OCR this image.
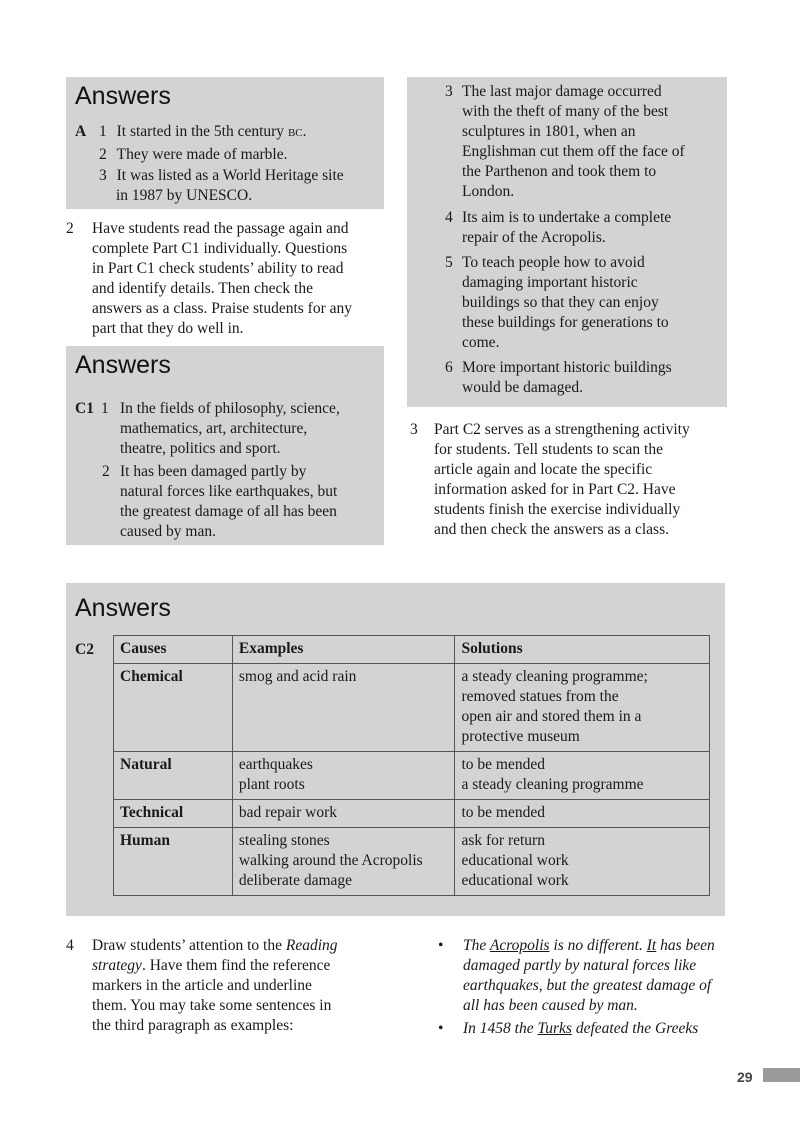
Answers
A 1 It started in the 5th century BC.
2 They were made of marble.
3 It was listed as a World Heritage site
in 1987 by UNESCO.
2 Have students read the passage again and
complete Part C1 individually. Questions
in Part C1 check students’ ability to read
and identify details. Then check the
answers as a class. Praise students for any
part that they do well in.
Answers
C1 1 In the fields of philosophy, science,
mathematics, art, architecture,
theatre, politics and sport.
2 It has been damaged partly by
natural forces like earthquakes, but
the greatest damage of all has been
caused by man.
3 The last major damage occurred
with the theft of many of the best
sculptures in 1801, when an
Englishman cut them off the face of
the Parthenon and took them to
London.
4 Its aim is to undertake a complete
repair of the Acropolis.
5 To teach people how to avoid
damaging important historic
buildings so that they can enjoy
these buildings for generations to
come.
6 More important historic buildings
would be damaged.
3 Part C2 serves as a strengthening activity
for students. Tell students to scan the
article again and locate the specific
information asked for in Part C2. Have
students finish the exercise individually
and then check the answers as a class.
Answers
C2 Causes	Examples	Solutions
Chemical	smog and acid rain	a steady cleaning programme;
removed statues from the
open air and stored them in a
protective museum

Natural	earthquakes
plant roots	to be mended
a steady cleaning programme

Technical	bad repair work	to be mended

Human	stealing stones
walking around the Acropolis
deliberate damage	ask for return
educational work
educational work
4 Draw students’ attention to the Reading
strategy. Have them find the reference
markers in the article and underline
them. You may take some sentences in
the third paragraph as examples:
• The Acropolis is no different. It has been
damaged partly by natural forces like
earthquakes, but the greatest damage of
all has been caused by man.
• In 1458 the Turks defeated the Greeks
29
